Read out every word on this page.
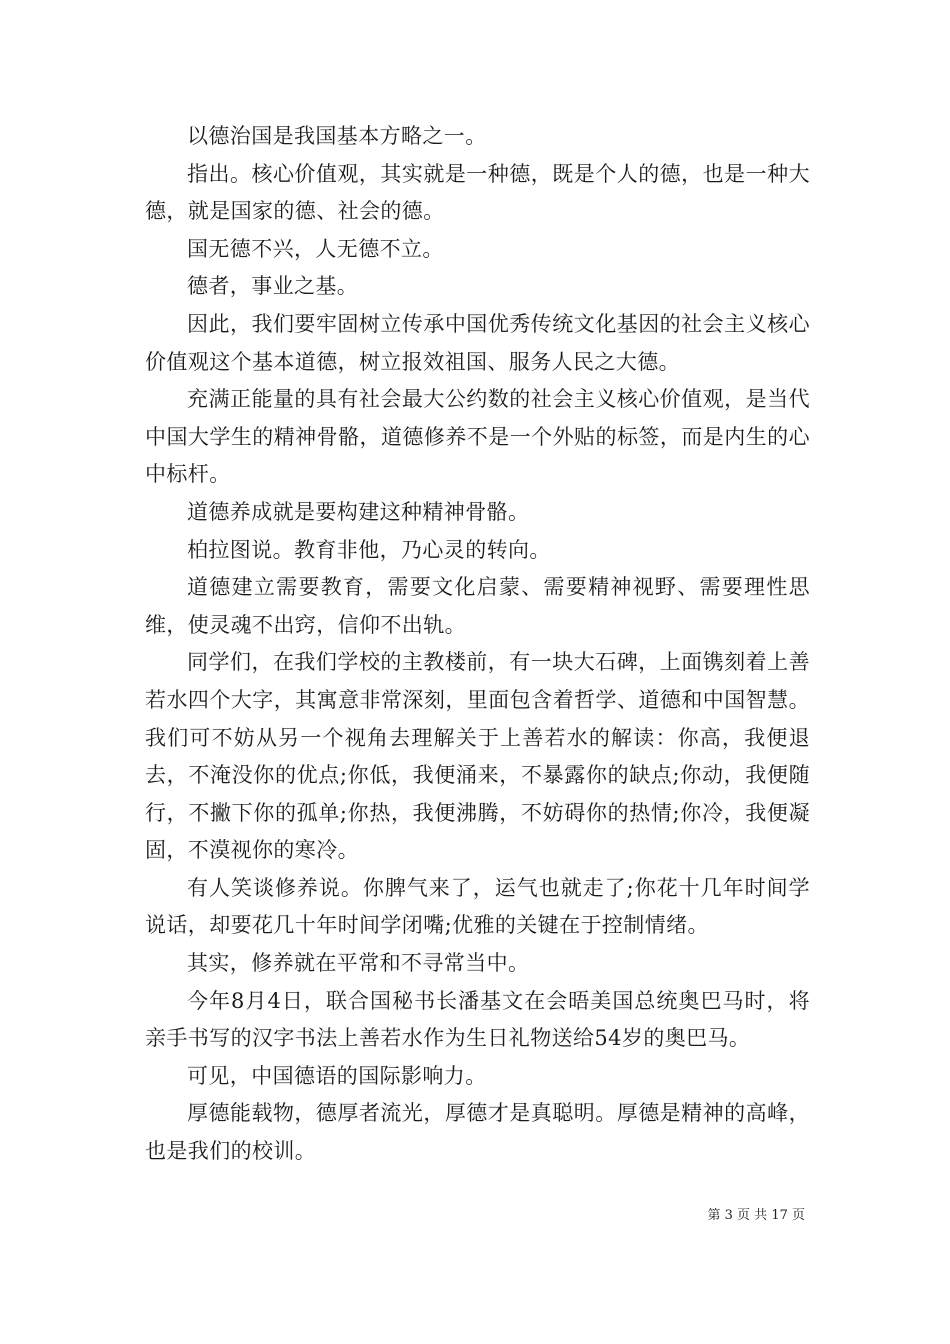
以德治国是我国基本方略之一。

指出。核心价值观，其实就是一种德，既是个人的德，也是一种大德，就是国家的德、社会的德。

国无德不兴，人无德不立。

德者，事业之基。

因此，我们要牢固树立传承中国优秀传统文化基因的社会主义核心价值观这个基本道德，树立报效祖国、服务人民之大德。

充满正能量的具有社会最大公约数的社会主义核心价值观，是当代中国大学生的精神骨骼，道德修养不是一个外贴的标签，而是内生的心中标杆。

道德养成就是要构建这种精神骨骼。

柏拉图说。教育非他，乃心灵的转向。

道德建立需要教育，需要文化启蒙、需要精神视野、需要理性思维，使灵魂不出窍，信仰不出轨。

同学们，在我们学校的主教楼前，有一块大石碑，上面镌刻着上善若水四个大字，其寓意非常深刻，里面包含着哲学、道德和中国智慧。我们可不妨从另一个视角去理解关于上善若水的解读：你高，我便退去，不淹没你的优点;你低，我便涌来，不暴露你的缺点;你动，我便随行，不撇下你的孤单;你热，我便沸腾，不妨碍你的热情;你冷，我便凝固，不漠视你的寒冷。

有人笑谈修养说。你脾气来了，运气也就走了;你花十几年时间学说话，却要花几十年时间学闭嘴;优雅的关键在于控制情绪。

其实，修养就在平常和不寻常当中。

今年8月4日，联合国秘书长潘基文在会晤美国总统奥巴马时，将亲手书写的汉字书法上善若水作为生日礼物送给54岁的奥巴马。

可见，中国德语的国际影响力。

厚德能载物，德厚者流光，厚德才是真聪明。厚德是精神的高峰，也是我们的校训。

第 3 页 共 17 页
